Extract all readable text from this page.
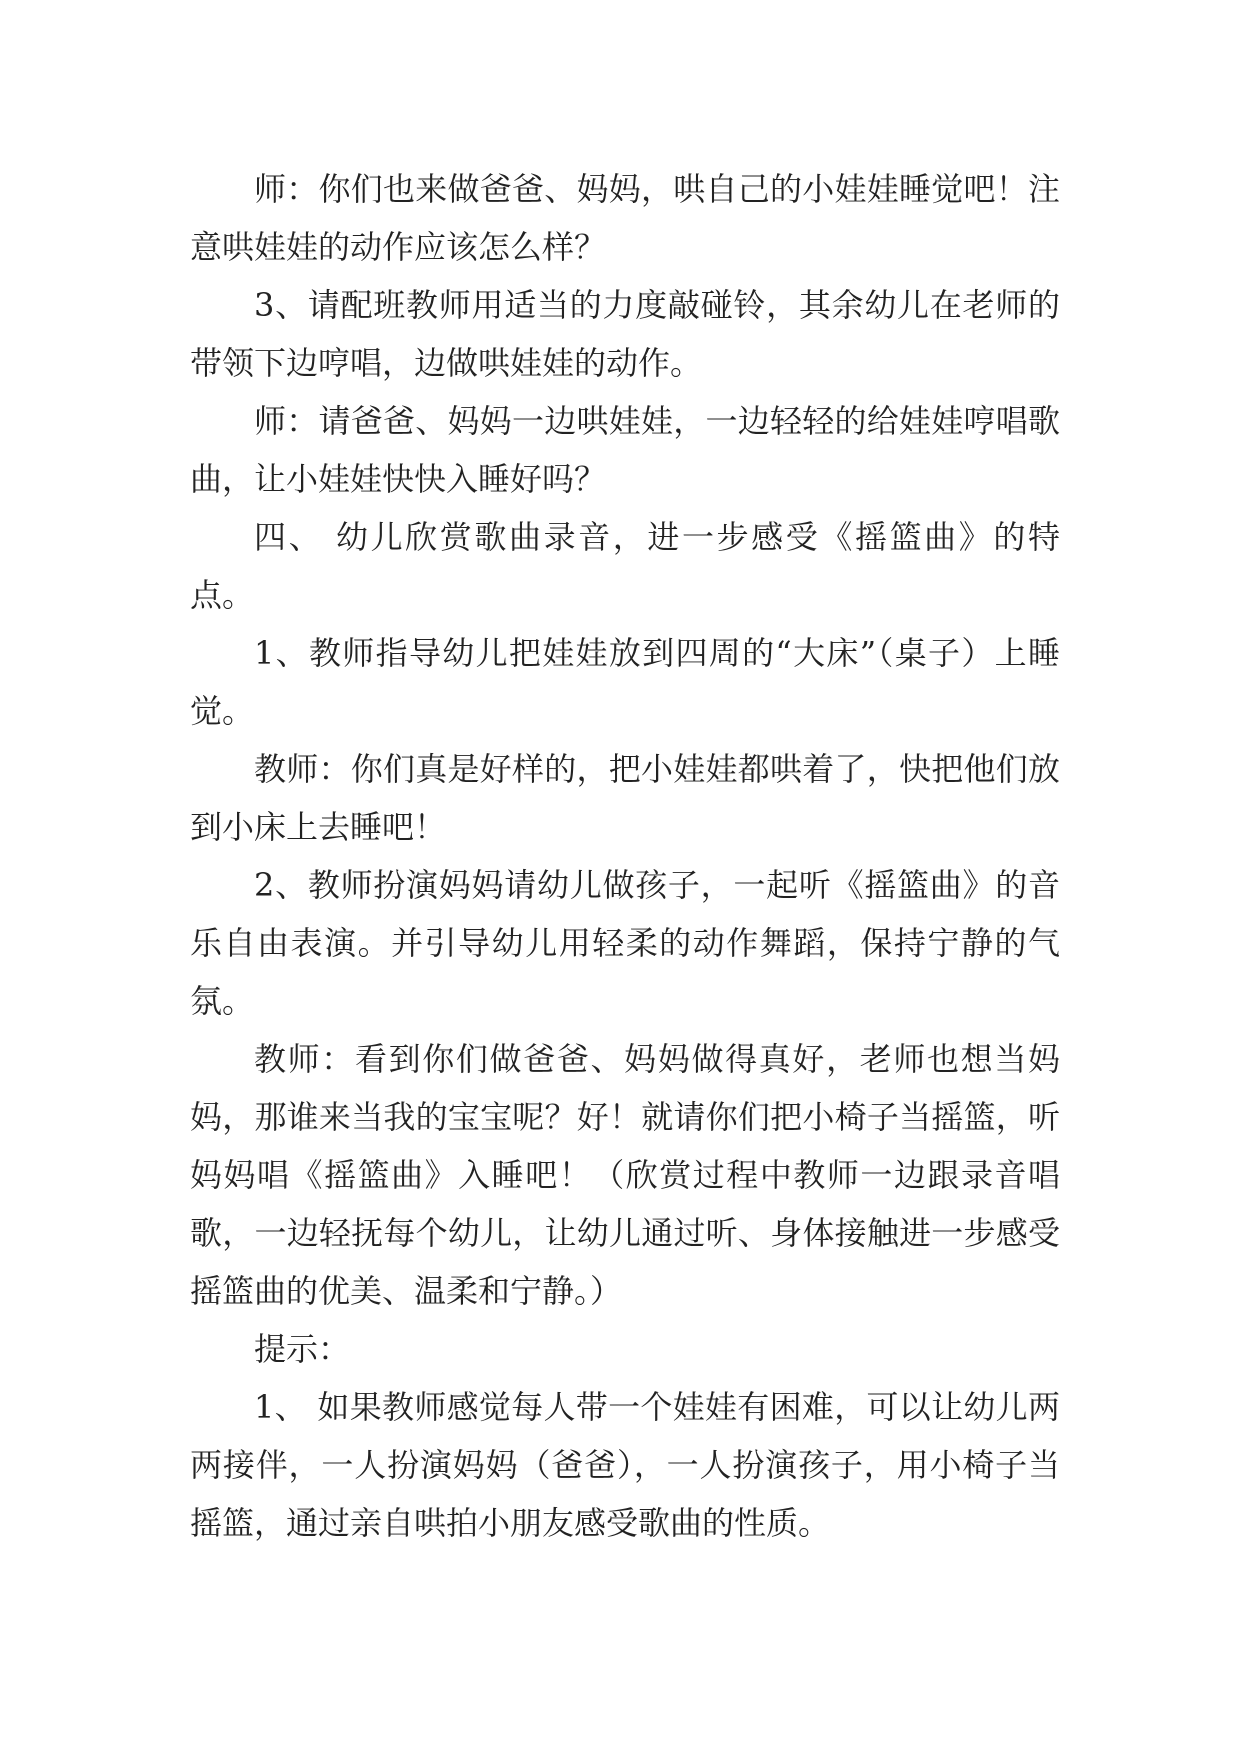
师：你们也来做爸爸、妈妈，哄自己的小娃娃睡觉吧！注意哄娃娃的动作应该怎么样？

3、请配班教师用适当的力度敲碰铃，其余幼儿在老师的带领下边哼唱，边做哄娃娃的动作。

师：请爸爸、妈妈一边哄娃娃，一边轻轻的给娃娃哼唱歌曲，让小娃娃快快入睡好吗？

四、 幼儿欣赏歌曲录音，进一步感受《摇篮曲》的特点。

1、教师指导幼儿把娃娃放到四周的“大床”（桌子）上睡觉。

教师：你们真是好样的，把小娃娃都哄着了，快把他们放到小床上去睡吧！

2、教师扮演妈妈请幼儿做孩子，一起听《摇篮曲》的音乐自由表演。并引导幼儿用轻柔的动作舞蹈，保持宁静的气氛。

教师：看到你们做爸爸、妈妈做得真好，老师也想当妈妈，那谁来当我的宝宝呢？好！就请你们把小椅子当摇篮，听妈妈唱《摇篮曲》入睡吧！（欣赏过程中教师一边跟录音唱歌，一边轻抚每个幼儿，让幼儿通过听、身体接触进一步感受摇篮曲的优美、温柔和宁静。）

提示：

1、 如果教师感觉每人带一个娃娃有困难，可以让幼儿两两接伴，一人扮演妈妈（爸爸），一人扮演孩子，用小椅子当摇篮，通过亲自哄拍小朋友感受歌曲的性质。
